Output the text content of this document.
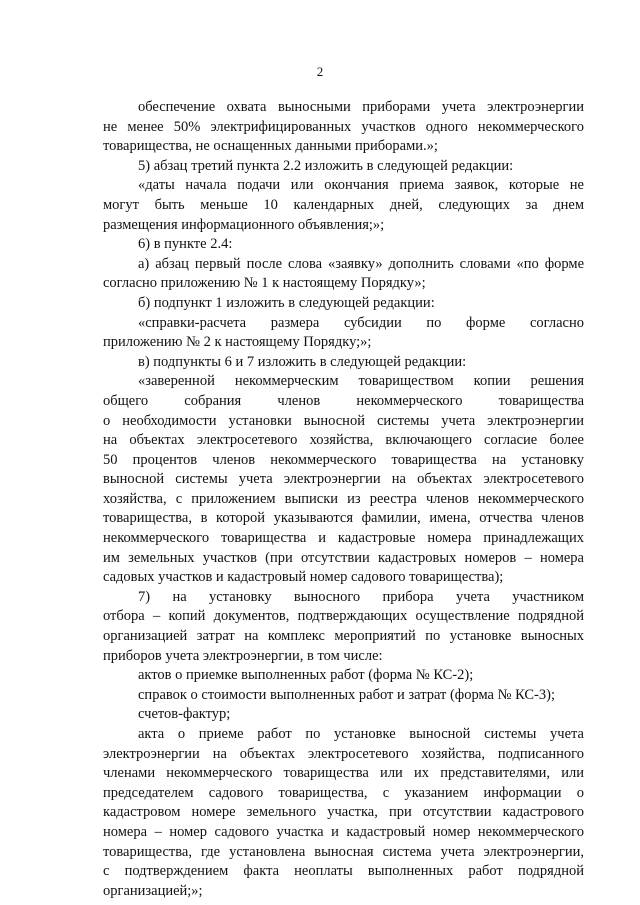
2
обеспечение охвата выносными приборами учета электроэнергии
не менее 50% электрифицированных участков одного некоммерческого
товарищества, не оснащенных данными приборами.»;
5) абзац третий пункта 2.2 изложить в следующей редакции:
«даты начала подачи или окончания приема заявок, которые не
могут быть меньше 10 календарных дней, следующих за днем
размещения информационного объявления;»;
6) в пункте 2.4:
а) абзац первый после слова «заявку» дополнить словами «по форме
согласно приложению № 1 к настоящему Порядку»;
б) подпункт 1 изложить в следующей редакции:
«справки-расчета размера субсидии по форме согласно
приложению № 2 к настоящему Порядку;»;
в) подпункты 6 и 7 изложить в следующей редакции:
«заверенной некоммерческим товариществом копии решения
общего собрания членов некоммерческого товарищества
о необходимости установки выносной системы учета электроэнергии
на объектах электросетевого хозяйства, включающего согласие более
50 процентов членов некоммерческого товарищества на установку
выносной системы учета электроэнергии на объектах электросетевого
хозяйства, с приложением выписки из реестра членов некоммерческого
товарищества, в которой указываются фамилии, имена, отчества членов
некоммерческого товарищества и кадастровые номера принадлежащих
им земельных участков (при отсутствии кадастровых номеров – номера
садовых участков и кадастровый номер садового товарищества);
7) на установку выносного прибора учета участником
отбора – копий документов, подтверждающих осуществление подрядной
организацией затрат на комплекс мероприятий по установке выносных
приборов учета электроэнергии, в том числе:
актов о приемке выполненных работ (форма № КС-2);
справок о стоимости выполненных работ и затрат (форма № КС-3);
счетов-фактур;
акта о приеме работ по установке выносной системы учета
электроэнергии на объектах электросетевого хозяйства, подписанного
членами некоммерческого товарищества или их представителями, или
председателем садового товарищества, с указанием информации о
кадастровом номере земельного участка, при отсутствии кадастрового
номера – номер садового участка и кадастровый номер некоммерческого
товарищества, где установлена выносная система учета электроэнергии,
с подтверждением факта неоплаты выполненных работ подрядной
организацией;»;
